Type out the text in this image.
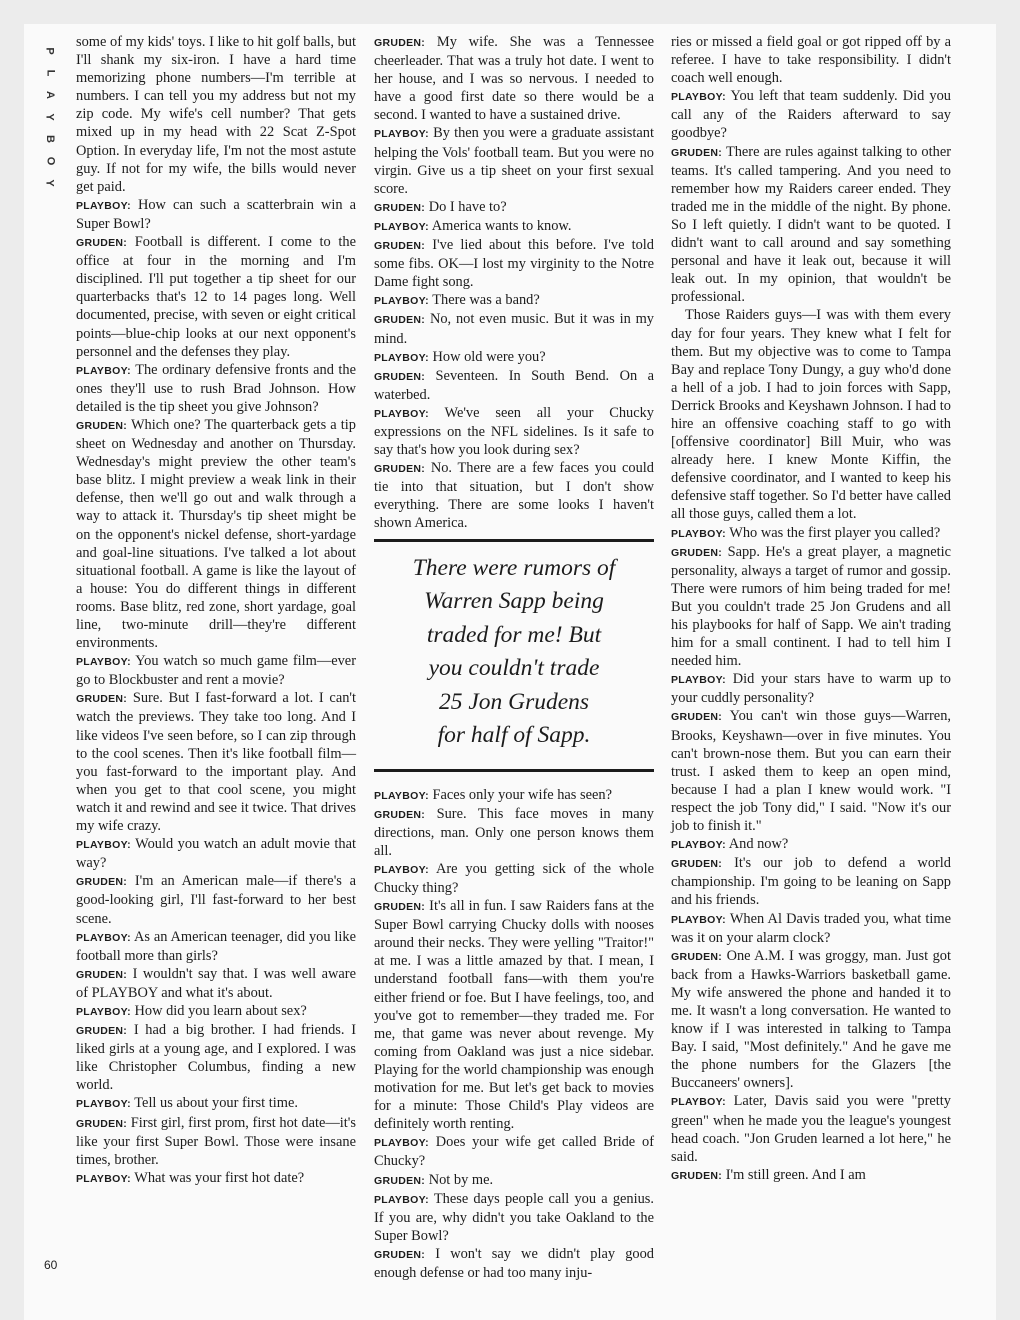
P
L
A
Y
B
O
Y
60

some of my kids' toys. I like to hit golf balls, but I'll shank my six-iron. I have a hard time memorizing phone numbers—I'm terrible at numbers. I can tell you my address but not my zip code. My wife's cell number? That gets mixed up in my head with 22 Scat Z-Spot Option. In everyday life, I'm not the most astute guy. If not for my wife, the bills would never get paid.

PLAYBOY: How can such a scatterbrain win a Super Bowl?

GRUDEN: Football is different. I come to the office at four in the morning and I'm disciplined. I'll put together a tip sheet for our quarterbacks that's 12 to 14 pages long. Well documented, precise, with seven or eight critical points—blue-chip looks at our next opponent's personnel and the defenses they play.

PLAYBOY: The ordinary defensive fronts and the ones they'll use to rush Brad Johnson. How detailed is the tip sheet you give Johnson?

GRUDEN: Which one? The quarterback gets a tip sheet on Wednesday and another on Thursday. Wednesday's might preview the other team's base blitz. I might preview a weak link in their defense, then we'll go out and walk through a way to attack it. Thursday's tip sheet might be on the opponent's nickel defense, short-yardage and goal-line situations. I've talked a lot about situational football. A game is like the layout of a house: You do different things in different rooms. Base blitz, red zone, short yardage, goal line, two-minute drill—they're different environments.

PLAYBOY: You watch so much game film—ever go to Blockbuster and rent a movie?

GRUDEN: Sure. But I fast-forward a lot. I can't watch the previews. They take too long. And I like videos I've seen before, so I can zip through to the cool scenes. Then it's like football film—you fast-forward to the important play. And when you get to that cool scene, you might watch it and rewind and see it twice. That drives my wife crazy.

PLAYBOY: Would you watch an adult movie that way?

GRUDEN: I'm an American male—if there's a good-looking girl, I'll fast-forward to her best scene.

PLAYBOY: As an American teenager, did you like football more than girls?

GRUDEN: I wouldn't say that. I was well aware of PLAYBOY and what it's about.

PLAYBOY: How did you learn about sex?

GRUDEN: I had a big brother. I had friends. I liked girls at a young age, and I explored. I was like Christopher Columbus, finding a new world.

PLAYBOY: Tell us about your first time.

GRUDEN: First girl, first prom, first hot date—it's like your first Super Bowl. Those were insane times, brother.

PLAYBOY: What was your first hot date?

GRUDEN: My wife. She was a Tennessee cheerleader. That was a truly hot date. I went to her house, and I was so nervous. I needed to have a good first date so there would be a second. I wanted to have a sustained drive.

PLAYBOY: By then you were a graduate assistant helping the Vols' football team. But you were no virgin. Give us a tip sheet on your first sexual score.

GRUDEN: Do I have to?

PLAYBOY: America wants to know.

GRUDEN: I've lied about this before. I've told some fibs. OK—I lost my virginity to the Notre Dame fight song.

PLAYBOY: There was a band?

GRUDEN: No, not even music. But it was in my mind.

PLAYBOY: How old were you?

GRUDEN: Seventeen. In South Bend. On a waterbed.

PLAYBOY: We've seen all your Chucky expressions on the NFL sidelines. Is it safe to say that's how you look during sex?

GRUDEN: No. There are a few faces you could tie into that situation, but I don't show everything. There are some looks I haven't shown America.

There were rumors of
Warren Sapp being
traded for me! But
you couldn't trade
25 Jon Grudens
for half of Sapp.

PLAYBOY: Faces only your wife has seen?

GRUDEN: Sure. This face moves in many directions, man. Only one person knows them all.

PLAYBOY: Are you getting sick of the whole Chucky thing?

GRUDEN: It's all in fun. I saw Raiders fans at the Super Bowl carrying Chucky dolls with nooses around their necks. They were yelling "Traitor!" at me. I was a little amazed by that. I mean, I understand football fans—with them you're either friend or foe. But I have feelings, too, and you've got to remember—they traded me. For me, that game was never about revenge. My coming from Oakland was just a nice sidebar. Playing for the world championship was enough motivation for me. But let's get back to movies for a minute: Those Child's Play videos are definitely worth renting.

PLAYBOY: Does your wife get called Bride of Chucky?

GRUDEN: Not by me.

PLAYBOY: These days people call you a genius. If you are, why didn't you take Oakland to the Super Bowl?

GRUDEN: I won't say we didn't play good enough defense or had too many inju-

ries or missed a field goal or got ripped off by a referee. I have to take responsibility. I didn't coach well enough.

PLAYBOY: You left that team suddenly. Did you call any of the Raiders afterward to say goodbye?

GRUDEN: There are rules against talking to other teams. It's called tampering. And you need to remember how my Raiders career ended. They traded me in the middle of the night. By phone. So I left quietly. I didn't want to be quoted. I didn't want to call around and say something personal and have it leak out, because it will leak out. In my opinion, that wouldn't be professional.

Those Raiders guys—I was with them every day for four years. They knew what I felt for them. But my objective was to come to Tampa Bay and replace Tony Dungy, a guy who'd done a hell of a job. I had to join forces with Sapp, Derrick Brooks and Keyshawn Johnson. I had to hire an offensive coaching staff to go with [offensive coordinator] Bill Muir, who was already here. I knew Monte Kiffin, the defensive coordinator, and I wanted to keep his defensive staff together. So I'd better have called all those guys, called them a lot.

PLAYBOY: Who was the first player you called?

GRUDEN: Sapp. He's a great player, a magnetic personality, always a target of rumor and gossip. There were rumors of him being traded for me! But you couldn't trade 25 Jon Grudens and all his playbooks for half of Sapp. We ain't trading him for a small continent. I had to tell him I needed him.

PLAYBOY: Did your stars have to warm up to your cuddly personality?

GRUDEN: You can't win those guys—Warren, Brooks, Keyshawn—over in five minutes. You can't brown-nose them. But you can earn their trust. I asked them to keep an open mind, because I had a plan I knew would work. "I respect the job Tony did," I said. "Now it's our job to finish it."

PLAYBOY: And now?

GRUDEN: It's our job to defend a world championship. I'm going to be leaning on Sapp and his friends.

PLAYBOY: When Al Davis traded you, what time was it on your alarm clock?

GRUDEN: One A.M. I was groggy, man. Just got back from a Hawks-Warriors basketball game. My wife answered the phone and handed it to me. It wasn't a long conversation. He wanted to know if I was interested in talking to Tampa Bay. I said, "Most definitely." And he gave me the phone numbers for the Glazers [the Buccaneers' owners].

PLAYBOY: Later, Davis said you were "pretty green" when he made you the league's youngest head coach. "Jon Gruden learned a lot here," he said.

GRUDEN: I'm still green. And I am
